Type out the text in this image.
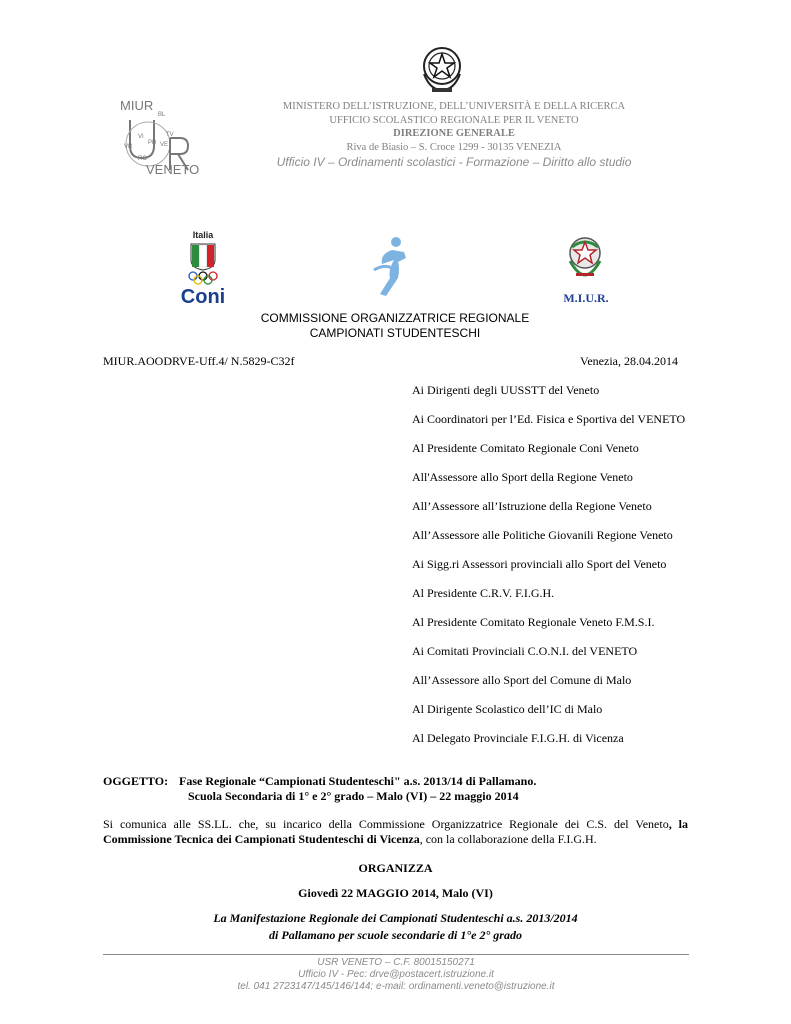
MIUR
BL
TV
VI
PD VE
VR
RO
VENETO
MINISTERO DELL’ISTRUZIONE, DELL’UNIVERSITÀ E DELLA RICERCA
UFFICIO SCOLASTICO REGIONALE PER IL VENETO
DIREZIONE GENERALE
Riva de Biasio – S. Croce 1299 - 30135 VENEZIA
Ufficio IV – Ordinamenti scolastici - Formazione – Diritto allo studio
Italia
Coni	M.I.U.R.
COMMISSIONE ORGANIZZATRICE REGIONALE
CAMPIONATI STUDENTESCHI
MIUR.AOODRVE-Uff.4/ N.5829-C32f	Venezia, 28.04.2014
Ai Dirigenti degli UUSSTT del Veneto
Ai Coordinatori per l’Ed. Fisica e Sportiva del VENETO
Al Presidente Comitato Regionale Coni Veneto
All'Assessore allo Sport della Regione Veneto
All’Assessore all’Istruzione della Regione Veneto
All’Assessore alle Politiche Giovanili Regione Veneto
Ai Sigg.ri Assessori provinciali allo Sport del Veneto
Al Presidente C.R.V. F.I.G.H.
Al Presidente Comitato Regionale Veneto F.M.S.I.
Ai Comitati Provinciali C.O.N.I. del VENETO
All’Assessore allo Sport del Comune di Malo
Al Dirigente Scolastico dell’IC di Malo
Al Delegato Provinciale F.I.G.H. di Vicenza
OGGETTO: Fase Regionale “Campionati Studenteschi" a.s. 2013/14 di Pallamano.
Scuola Secondaria di 1° e 2° grado – Malo (VI) – 22 maggio 2014
Si comunica alle SS.LL. che, su incarico della Commissione Organizzatrice Regionale dei C.S. del Veneto, la Commissione Tecnica dei Campionati Studenteschi di Vicenza, con la collaborazione della F.I.G.H.
ORGANIZZA
Giovedì 22 MAGGIO 2014, Malo (VI)
La Manifestazione Regionale dei Campionati Studenteschi a.s. 2013/2014
di Pallamano per scuole secondarie di 1°e 2° grado
USR VENETO – C.F. 80015150271
Ufficio IV - Pec: drve@postacert.istruzione.it
tel. 041 2723147/145/146/144; e-mail: ordinamenti.veneto@istruzione.it
